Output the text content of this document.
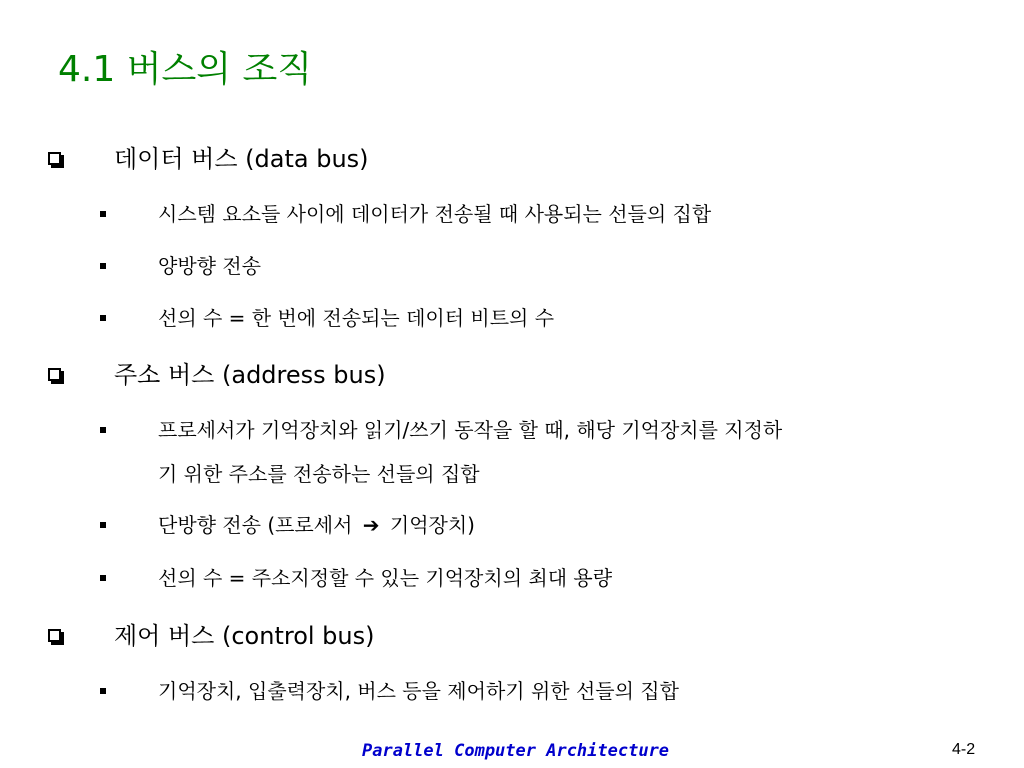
4.1 버스의 조직
데이터 버스 (data bus)
시스템 요소들 사이에 데이터가 전송될 때 사용되는 선들의 집합
양방향 전송
선의 수 = 한 번에 전송되는 데이터 비트의 수
주소 버스 (address bus)
프로세서가 기억장치와 읽기/쓰기 동작을 할 때, 해당 기억장치를 지정하
기 위한 주소를 전송하는 선들의 집합
단방향 전송 (프로세서 ➔ 기억장치)
선의 수 = 주소지정할 수 있는 기억장치의 최대 용량
제어 버스 (control bus)
기억장치, 입출력장치, 버스 등을 제어하기 위한 선들의 집합
Parallel Computer Architecture	4-2
